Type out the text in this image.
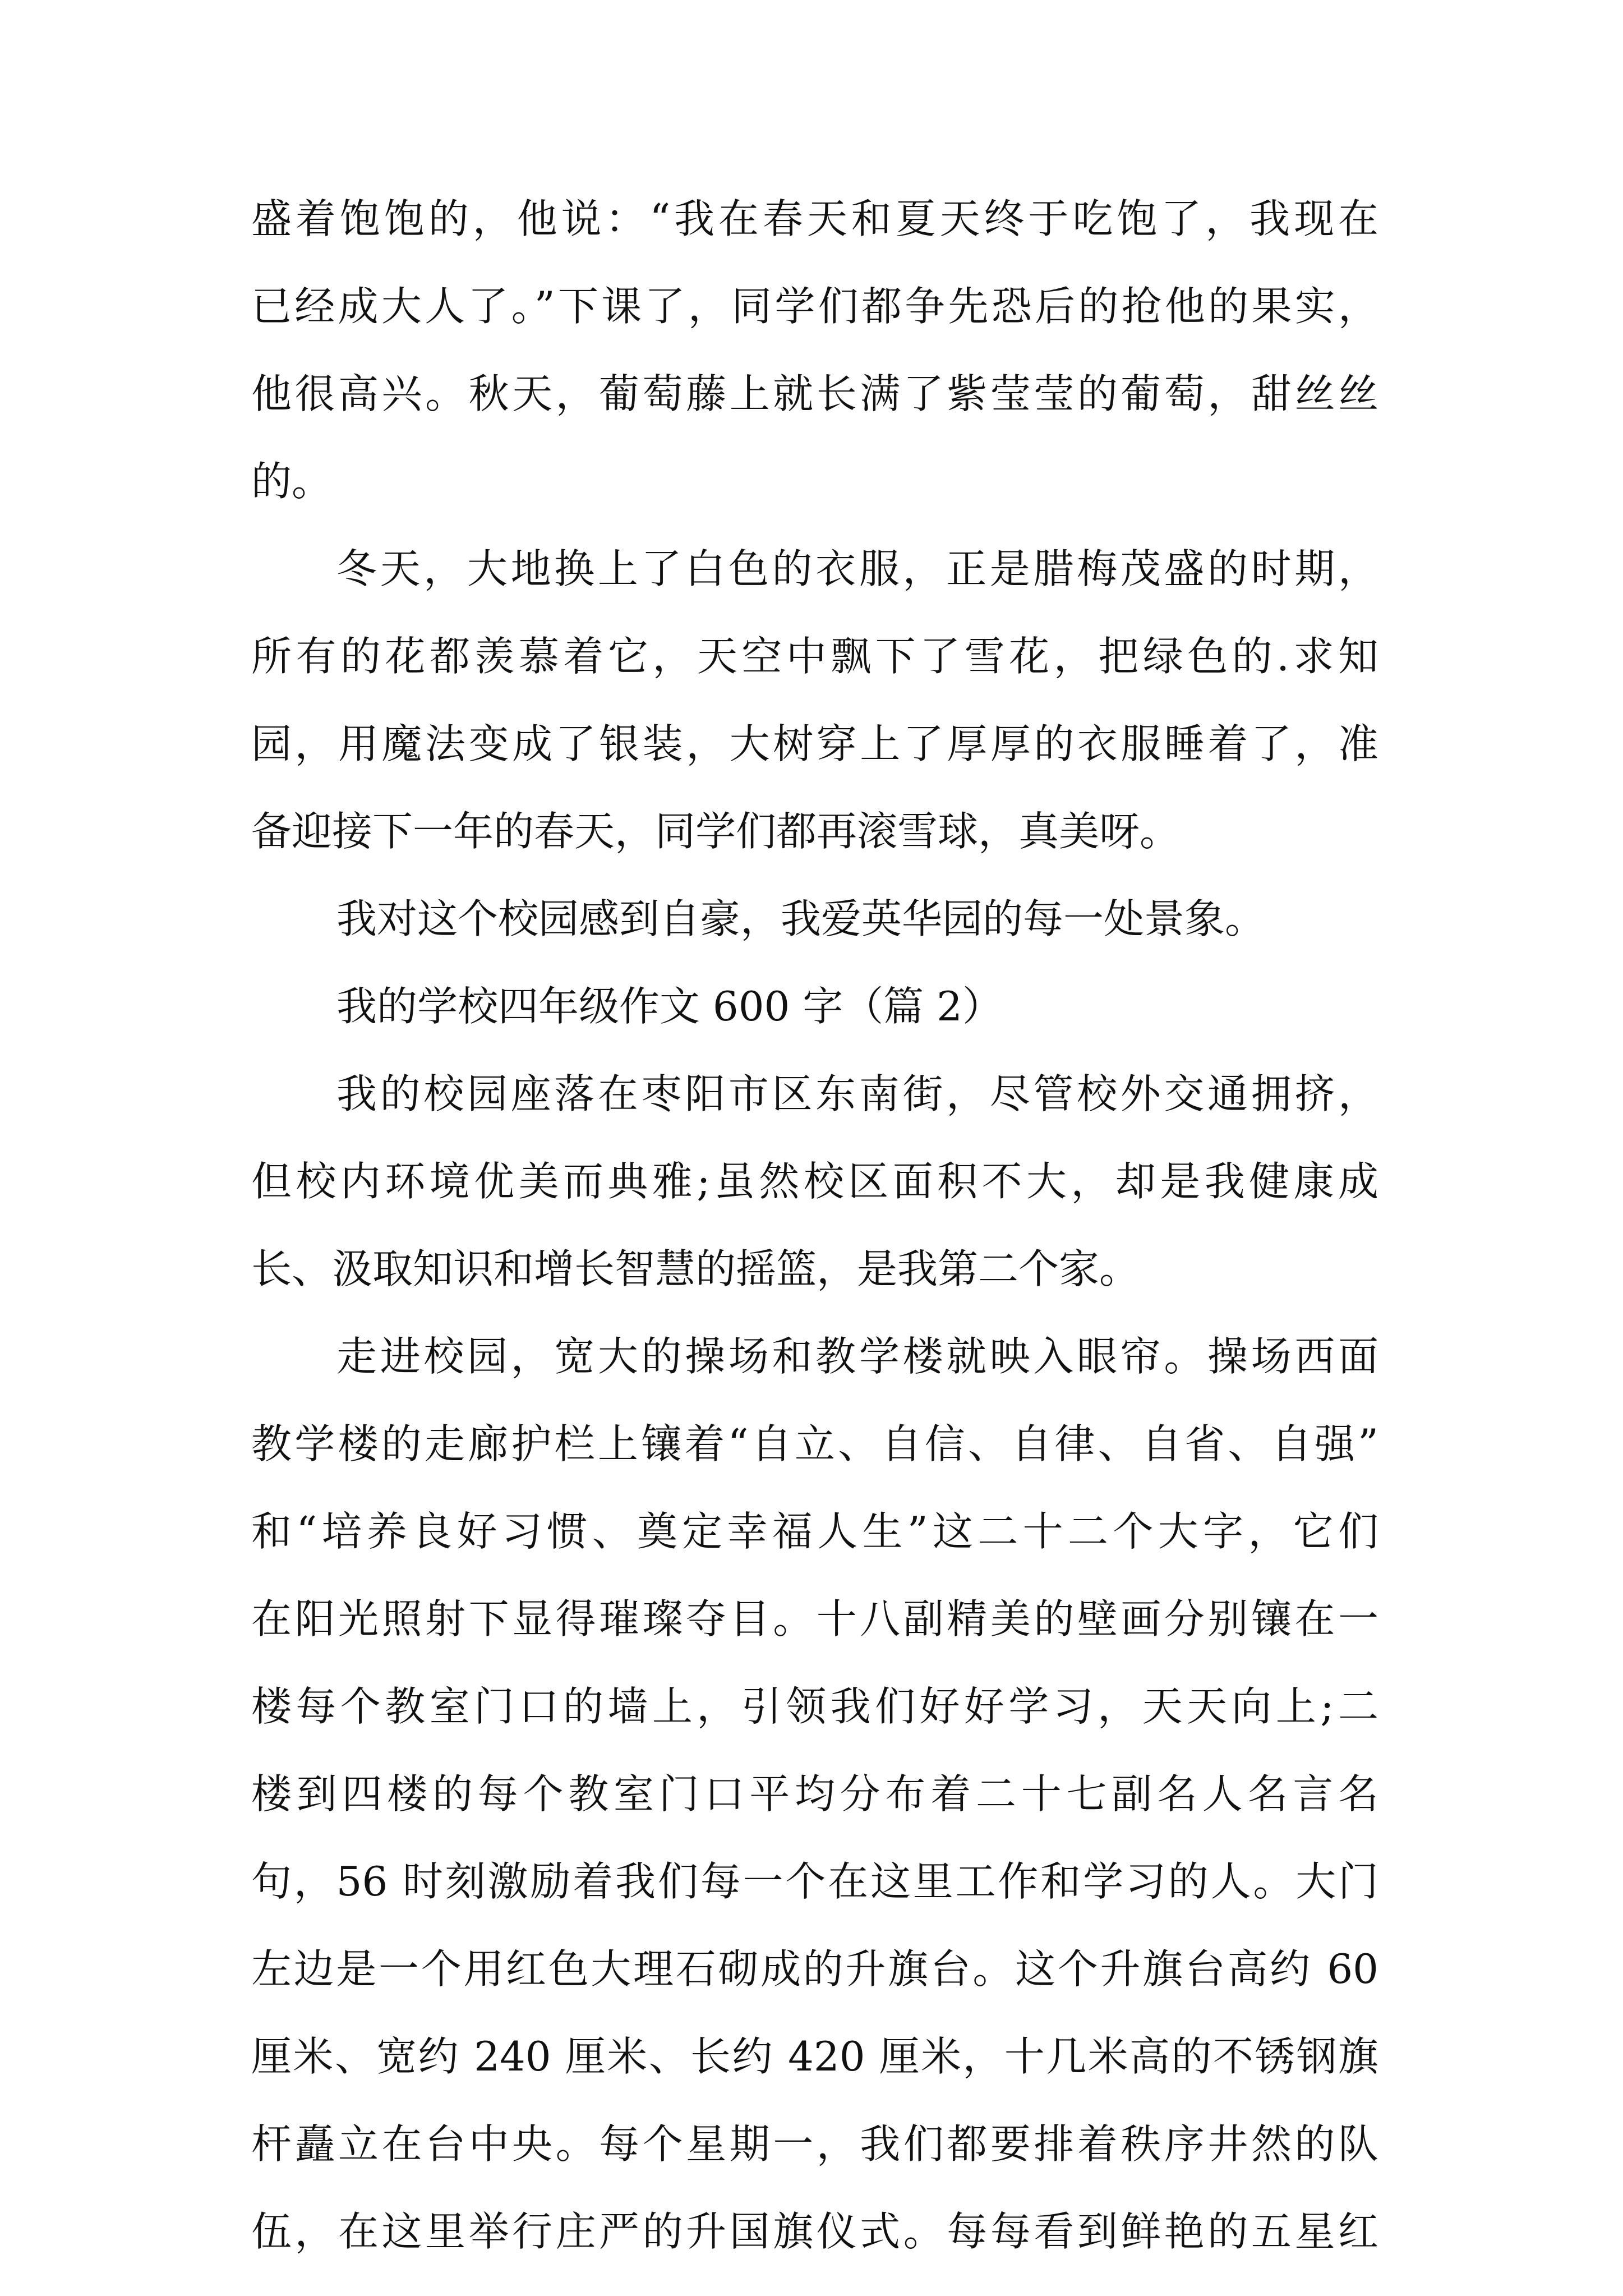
盛着饱饱的，他说：“我在春天和夏天终于吃饱了，我现在
已经成大人了。”下课了，同学们都争先恐后的抢他的果实，
他很高兴。秋天，葡萄藤上就长满了紫莹莹的葡萄，甜丝丝
的。
冬天，大地换上了白色的衣服，正是腊梅茂盛的时期，
所有的花都羡慕着它，天空中飘下了雪花，把绿色的.求知
园，用魔法变成了银装，大树穿上了厚厚的衣服睡着了，准
备迎接下一年的春天，同学们都再滚雪球，真美呀。
我对这个校园感到自豪，我爱英华园的每一处景象。
我的学校四年级作文 600 字（篇 2）
我的校园座落在枣阳市区东南街，尽管校外交通拥挤，
但校内环境优美而典雅;虽然校区面积不大，却是我健康成
长、汲取知识和增长智慧的摇篮，是我第二个家。
走进校园，宽大的操场和教学楼就映入眼帘。操场西面
教学楼的走廊护栏上镶着“自立、自信、自律、自省、自强”
和“培养良好习惯、奠定幸福人生”这二十二个大字，它们
在阳光照射下显得璀璨夺目。十八副精美的壁画分别镶在一
楼每个教室门口的墙上，引领我们好好学习，天天向上;二
楼到四楼的每个教室门口平均分布着二十七副名人名言名
句，56 时刻激励着我们每一个在这里工作和学习的人。大门
左边是一个用红色大理石砌成的升旗台。这个升旗台高约 60
厘米、宽约 240 厘米、长约 420 厘米，十几米高的不锈钢旗
杆矗立在台中央。每个星期一，我们都要排着秩序井然的队
伍，在这里举行庄严的升国旗仪式。每每看到鲜艳的五星红
